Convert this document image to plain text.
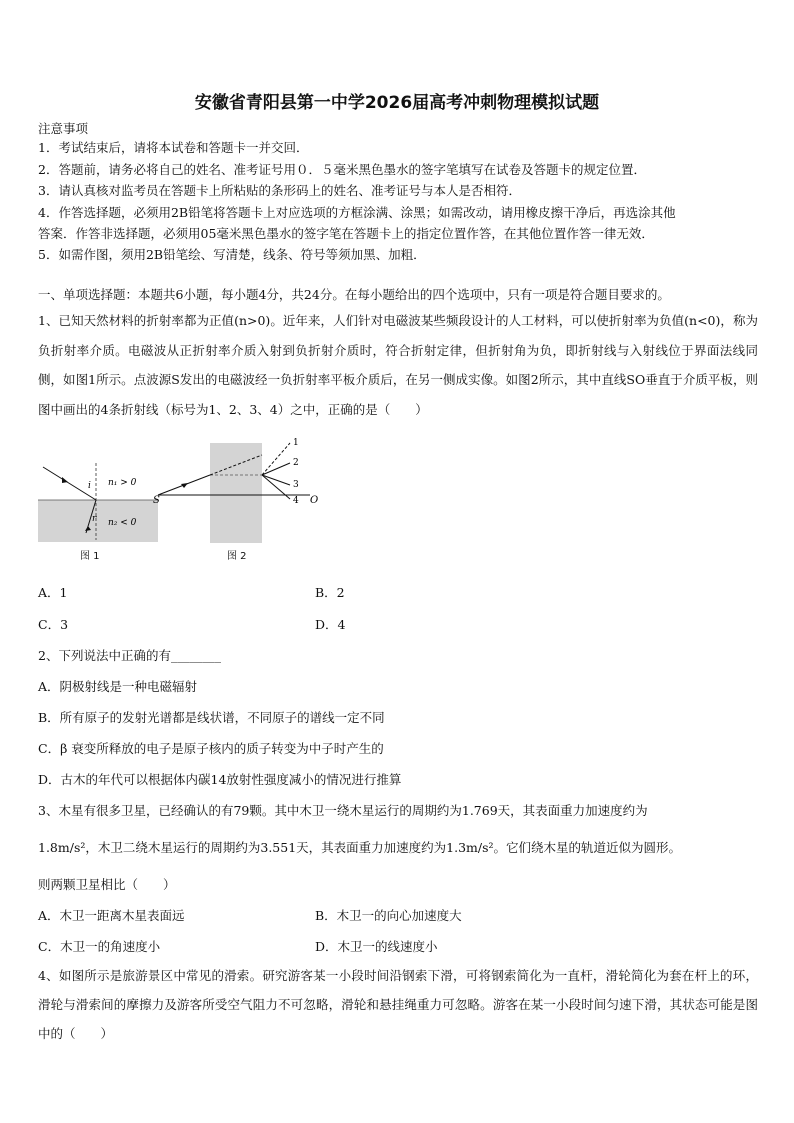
安徽省青阳县第一中学2026届高考冲刺物理模拟试题
注意事项
1．考试结束后，请将本试卷和答题卡一并交回．
2．答题前，请务必将自己的姓名、准考证号用０．５毫米黑色墨水的签字笔填写在试卷及答题卡的规定位置．
3．请认真核对监考员在答题卡上所粘贴的条形码上的姓名、准考证号与本人是否相符．
4．作答选择题，必须用2B铅笔将答题卡上对应选项的方框涂满、涂黑；如需改动，请用橡皮擦干净后，再选涂其他
答案．作答非选择题，必须用05毫米黑色墨水的签字笔在答题卡上的指定位置作答，在其他位置作答一律无效．
5．如需作图，须用2B铅笔绘、写清楚，线条、符号等须加黑、加粗．
一、单项选择题：本题共6小题，每小题4分，共24分。在每小题给出的四个选项中，只有一项是符合题目要求的。
1、已知天然材料的折射率都为正值(n>0)。近年来，人们针对电磁波某些频段设计的人工材料，可以使折射率为负值(n<0)，称为负折射率介质。电磁波从正折射率介质入射到负折射介质时，符合折射定律，但折射角为负，即折射线与入射线位于界面法线同侧，如图1所示。点波源S发出的电磁波经一负折射率平板介质后，在另一侧成实像。如图2所示，其中直线SO垂直于介质平板，则图中画出的4条折射线（标号为1、2、3、4）之中，正确的是（　　）
i
r
n₁ > 0
n₂ < 0
图 1
S	O
1
2
3
4
图 2
A．1	B．2
C．3	D．4
2、下列说法中正确的有________
A．阴极射线是一种电磁辐射
B．所有原子的发射光谱都是线状谱，不同原子的谱线一定不同
C．β 衰变所释放的电子是原子核内的质子转变为中子时产生的
D．古木的年代可以根据体内碳14放射性强度减小的情况进行推算
3、木星有很多卫星，已经确认的有79颗。其中木卫一绕木星运行的周期约为1.769天，其表面重力加速度约为
1.8m/s²，木卫二绕木星运行的周期约为3.551天，其表面重力加速度约为1.3m/s²。它们绕木星的轨道近似为圆形。
则两颗卫星相比（　　）
A．木卫一距离木星表面远	B．木卫一的向心加速度大
C．木卫一的角速度小	D．木卫一的线速度小
4、如图所示是旅游景区中常见的滑索。研究游客某一小段时间沿钢索下滑，可将钢索简化为一直杆，滑轮简化为套在杆上的环，滑轮与滑索间的摩擦力及游客所受空气阻力不可忽略，滑轮和悬挂绳重力可忽略。游客在某一小段时间匀速下滑，其状态可能是图中的（　　）
